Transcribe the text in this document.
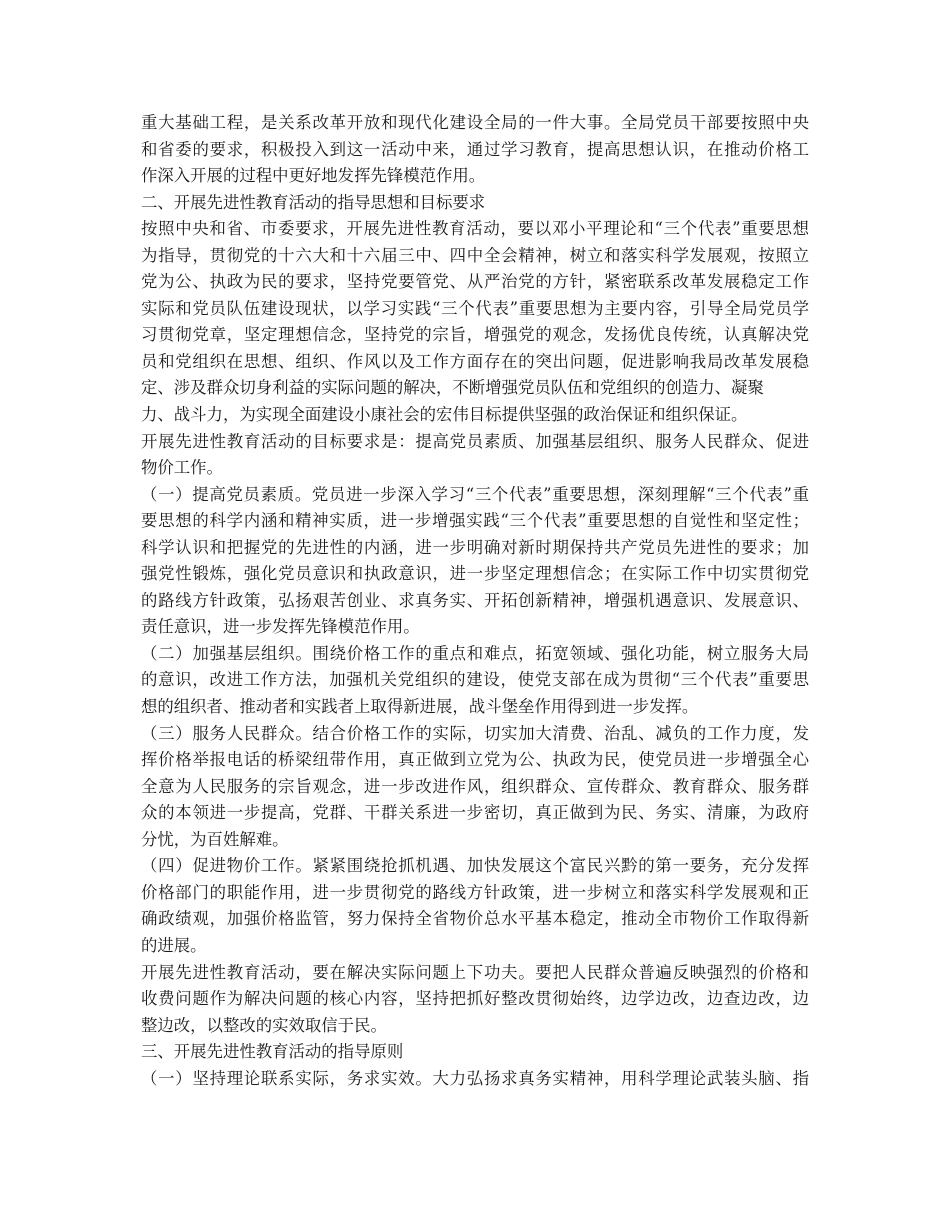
重大基础工程，是关系改革开放和现代化建设全局的一件大事。全局党员干部要按照中央
和省委的要求，积极投入到这一活动中来，通过学习教育，提高思想认识，在推动价格工
作深入开展的过程中更好地发挥先锋模范作用。
二、开展先进性教育活动的指导思想和目标要求
按照中央和省、市委要求，开展先进性教育活动，要以邓小平理论和“三个代表”重要思想
为指导，贯彻党的十六大和十六届三中、四中全会精神，树立和落实科学发展观，按照立
党为公、执政为民的要求，坚持党要管党、从严治党的方针，紧密联系改革发展稳定工作
实际和党员队伍建设现状，以学习实践“三个代表”重要思想为主要内容，引导全局党员学
习贯彻党章，坚定理想信念，坚持党的宗旨，增强党的观念，发扬优良传统，认真解决党
员和党组织在思想、组织、作风以及工作方面存在的突出问题，促进影响我局改革发展稳
定、涉及群众切身利益的实际问题的解决，不断增强党员队伍和党组织的创造力、凝聚
力、战斗力，为实现全面建设小康社会的宏伟目标提供坚强的政治保证和组织保证。
开展先进性教育活动的目标要求是：提高党员素质、加强基层组织、服务人民群众、促进
物价工作。
（一）提高党员素质。党员进一步深入学习“三个代表”重要思想，深刻理解“三个代表”重
要思想的科学内涵和精神实质，进一步增强实践“三个代表”重要思想的自觉性和坚定性；
科学认识和把握党的先进性的内涵，进一步明确对新时期保持共产党员先进性的要求；加
强党性锻炼，强化党员意识和执政意识，进一步坚定理想信念；在实际工作中切实贯彻党
的路线方针政策，弘扬艰苦创业、求真务实、开拓创新精神，增强机遇意识、发展意识、
责任意识，进一步发挥先锋模范作用。
（二）加强基层组织。围绕价格工作的重点和难点，拓宽领域、强化功能，树立服务大局
的意识，改进工作方法，加强机关党组织的建设，使党支部在成为贯彻“三个代表”重要思
想的组织者、推动者和实践者上取得新进展，战斗堡垒作用得到进一步发挥。
（三）服务人民群众。结合价格工作的实际，切实加大清费、治乱、减负的工作力度，发
挥价格举报电话的桥梁纽带作用，真正做到立党为公、执政为民，使党员进一步增强全心
全意为人民服务的宗旨观念，进一步改进作风，组织群众、宣传群众、教育群众、服务群
众的本领进一步提高，党群、干群关系进一步密切，真正做到为民、务实、清廉，为政府
分忧，为百姓解难。
（四）促进物价工作。紧紧围绕抢抓机遇、加快发展这个富民兴黔的第一要务，充分发挥
价格部门的职能作用，进一步贯彻党的路线方针政策，进一步树立和落实科学发展观和正
确政绩观，加强价格监管，努力保持全省物价总水平基本稳定，推动全市物价工作取得新
的进展。
开展先进性教育活动，要在解决实际问题上下功夫。要把人民群众普遍反映强烈的价格和
收费问题作为解决问题的核心内容，坚持把抓好整改贯彻始终，边学边改，边查边改，边
整边改，以整改的实效取信于民。
三、开展先进性教育活动的指导原则
（一）坚持理论联系实际，务求实效。大力弘扬求真务实精神，用科学理论武装头脑、指
